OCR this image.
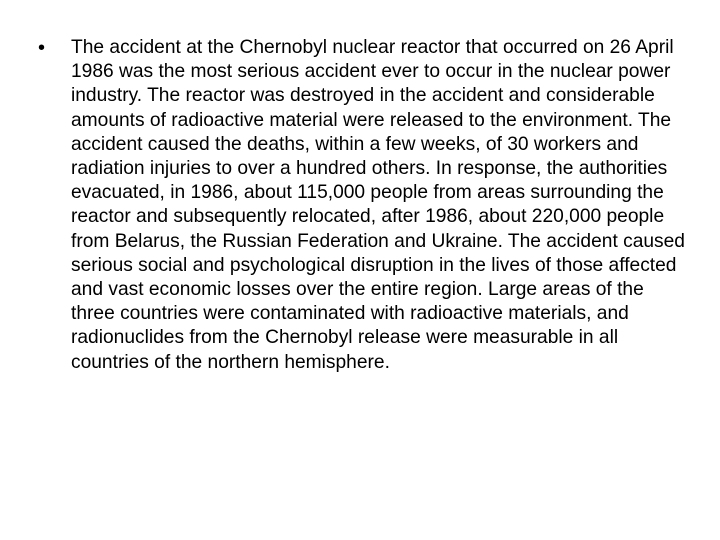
• The accident at the Chernobyl nuclear reactor that occurred on 26 April 1986 was the most serious accident ever to occur in the nuclear power industry. The reactor was destroyed in the accident and considerable amounts of radioactive material were released to the environment. The accident caused the deaths, within a few weeks, of 30 workers and radiation injuries to over a hundred others. In response, the authorities evacuated, in 1986, about 115,000 people from areas surrounding the reactor and subsequently relocated, after 1986, about 220,000 people from Belarus, the Russian Federation and Ukraine. The accident caused serious social and psychological disruption in the lives of those affected and vast economic losses over the entire region. Large areas of the three countries were contaminated with radioactive materials, and radionuclides from the Chernobyl release were measurable in all countries of the northern hemisphere.
